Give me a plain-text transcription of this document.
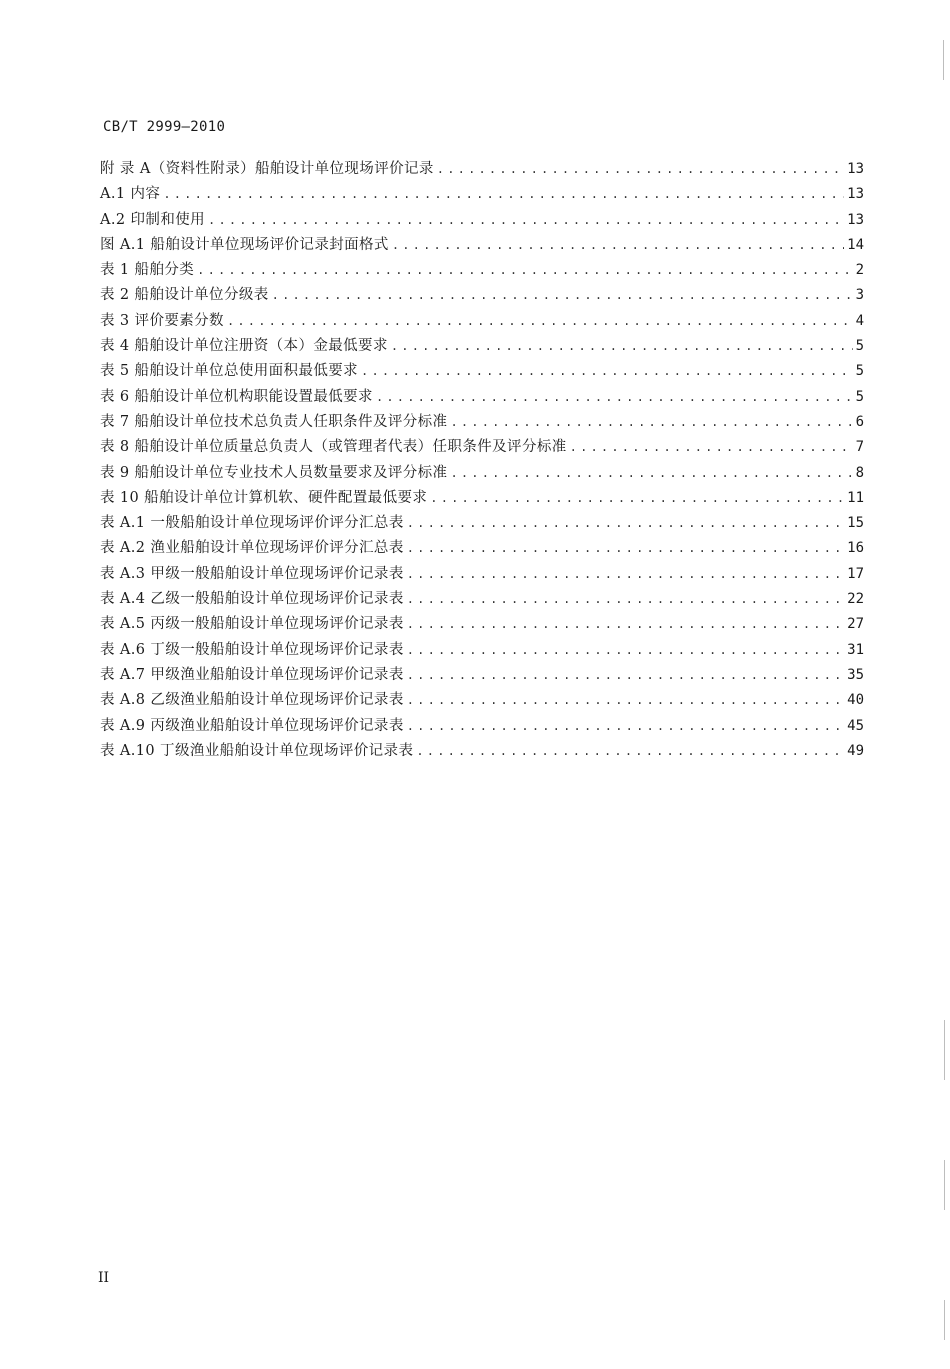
CB/T 2999—2010
附 录 A（资料性附录）船舶设计单位现场评价记录 .....	13
A.1 内容 .....	13
A.2 印制和使用 .....	13
图 A.1 船舶设计单位现场评价记录封面格式 .....	14
表 1 船舶分类 .....	2
表 2 船舶设计单位分级表 .....	3
表 3 评价要素分数 .....	4
表 4 船舶设计单位注册资（本）金最低要求 .....	5
表 5 船舶设计单位总使用面积最低要求 .....	5
表 6 船舶设计单位机构职能设置最低要求 .....	5
表 7 船舶设计单位技术总负责人任职条件及评分标准 .....	6
表 8 船舶设计单位质量总负责人（或管理者代表）任职条件及评分标准 .....	7
表 9 船舶设计单位专业技术人员数量要求及评分标准 .....	8
表 10 船舶设计单位计算机软、硬件配置最低要求 .....	11
表 A.1 一般船舶设计单位现场评价评分汇总表 .....	15
表 A.2 渔业船舶设计单位现场评价评分汇总表 .....	16
表 A.3 甲级一般船舶设计单位现场评价记录表 .....	17
表 A.4 乙级一般船舶设计单位现场评价记录表 .....	22
表 A.5 丙级一般船舶设计单位现场评价记录表 .....	27
表 A.6 丁级一般船舶设计单位现场评价记录表 .....	31
表 A.7 甲级渔业船舶设计单位现场评价记录表 .....	35
表 A.8 乙级渔业船舶设计单位现场评价记录表 .....	40
表 A.9 丙级渔业船舶设计单位现场评价记录表 .....	45
表 A.10 丁级渔业船舶设计单位现场评价记录表 .....	49
II
